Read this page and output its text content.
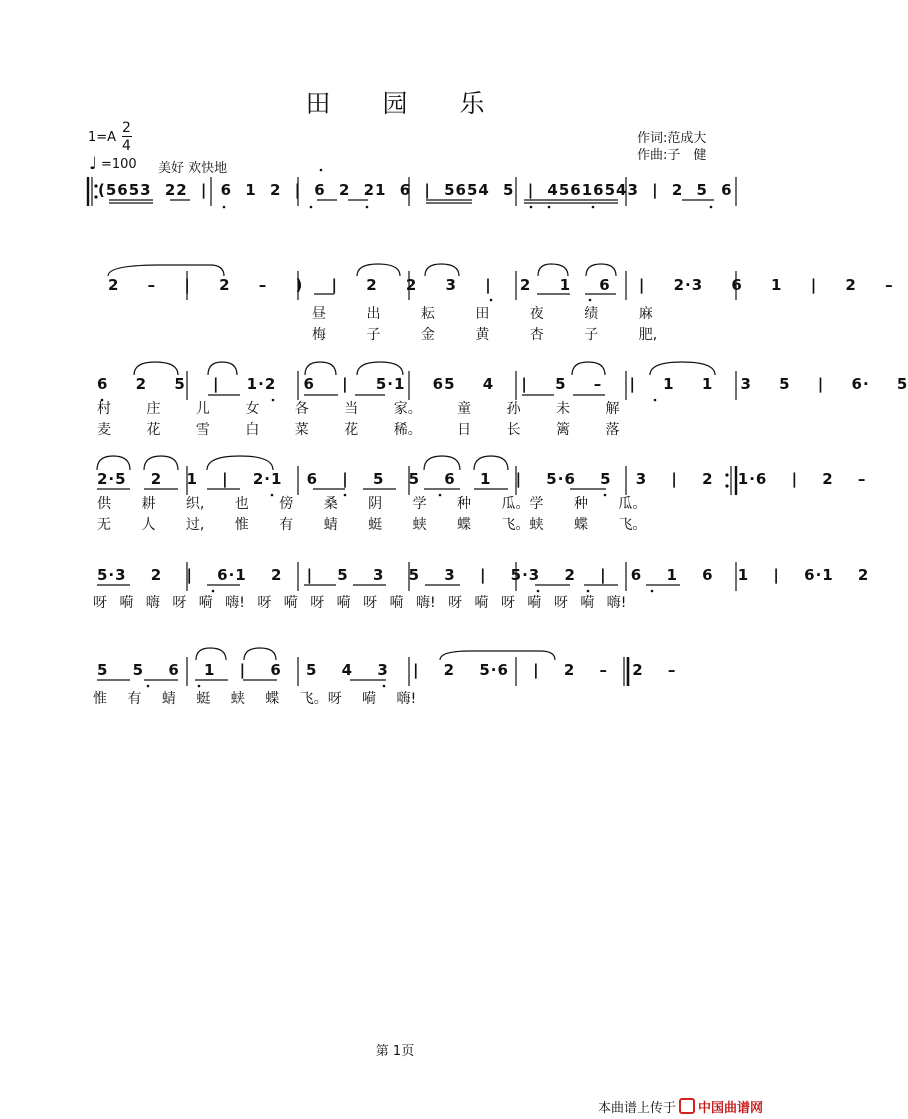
田 园 乐
1=A
2
4
♩ =100 美好 欢快地
作词:范成大
作曲:子　健
(5653 22 | 6 1 2 | 6 2 21 6 | 5654 5 | 45616543 | 2 5 6
2 – | 2 – ) | 2 2 3 | 2 1 6 | 2·3 6 1 | 2 –
昼 出 耘 田 夜 绩 麻
梅 子 金 黄 杏 子 肥,
6 2 5 | 1·2 6 | 5·1 65 4 | 5 – | 1 1 3 5 | 6· 5
村 庄 儿 女 各 当 家。 童 孙 未 解
麦 花 雪 白 菜 花 稀。 日 长 篱 落
2·5 2 1 | 2·1 6 | 5 5 6 1 | 5·6 5 3 | 2 1·6 | 2 –
供 耕 织, 也 傍 桑 阴 学 种 瓜。学 种 瓜。
无 人 过, 惟 有 蜻 蜓 蛱 蝶 飞。蛱 蝶 飞。
5·3 2 | 6·1 2 | 5 3 5 3 | 5·3 2 | 6 1 6 1 | 6·1 2
呀 嗬 嗨 呀 嗬 嗨! 呀 嗬 呀 嗬 呀 嗬 嗨! 呀 嗬 呀 嗬 呀 嗬 嗨!
5 5 6 1 | 6 5 4 3 | 2 5·6 | 2 – 2 –
惟 有 蜻 蜓 蛱 蝶 飞。呀 嗬 嗨!
第 1页
本曲谱上传于 中国曲谱网
